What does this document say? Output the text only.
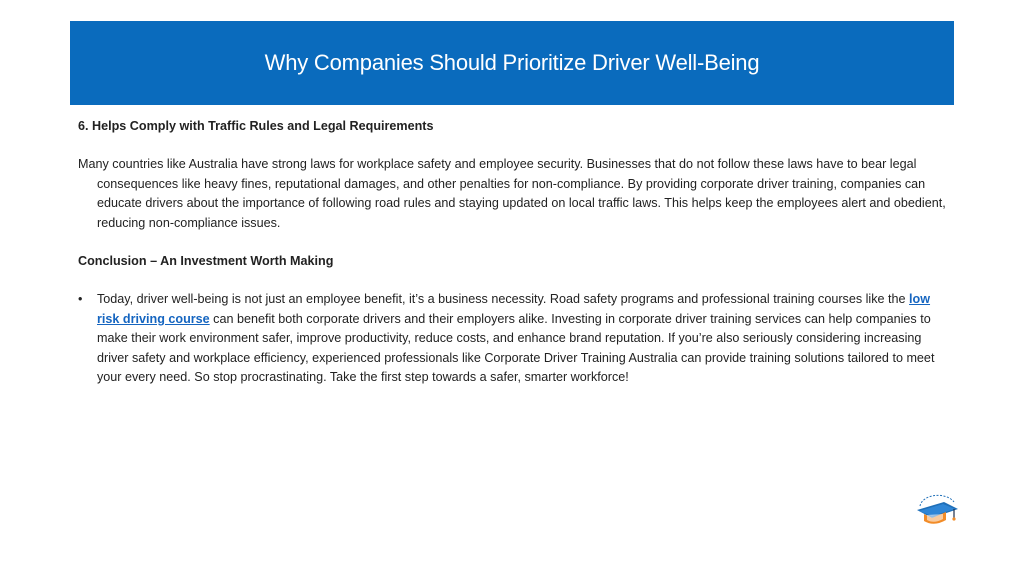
Why Companies Should Prioritize Driver Well-Being

6. Helps Comply with Traffic Rules and Legal Requirements

Many countries like Australia have strong laws for workplace safety and employee security. Businesses that do not follow these laws have to bear legal consequences like heavy fines, reputational damages, and other penalties for non-compliance. By providing corporate driver training, companies can educate drivers about the importance of following road rules and staying updated on local traffic laws. This helps keep the employees alert and obedient, reducing non-compliance issues.

Conclusion – An Investment Worth Making

•	Today, driver well-being is not just an employee benefit, it’s a business necessity. Road safety programs and professional training courses like the low risk driving course can benefit both corporate drivers and their employers alike. Investing in corporate driver training services can help companies to make their work environment safer, improve productivity, reduce costs, and enhance brand reputation. If you’re also seriously considering increasing driver safety and workplace efficiency, experienced professionals like Corporate Driver Training Australia can provide training solutions tailored to meet your every need. So stop procrastinating. Take the first step towards a safer, smarter workforce!
